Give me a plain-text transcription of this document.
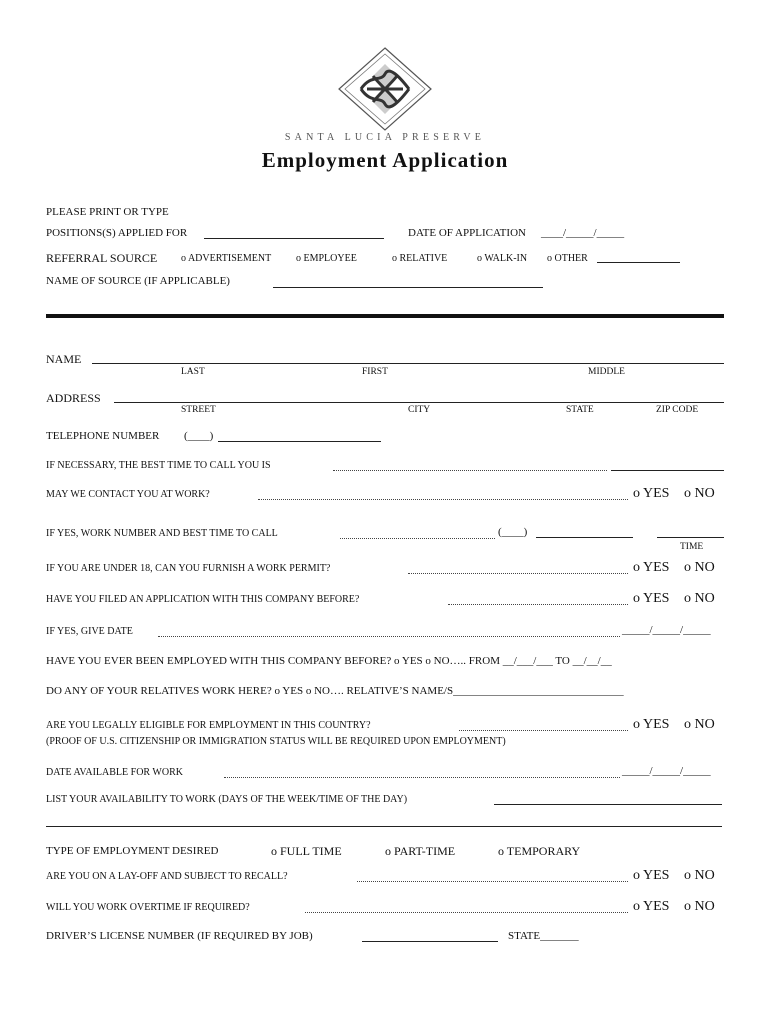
SANTA LUCIA PRESERVE
Employment Application
PLEASE PRINT OR TYPE
POSITIONS(S) APPLIED FOR	DATE OF APPLICATION ____/_____/_____
REFERRAL SOURCE o ADVERTISEMENT o EMPLOYEE	o RELATIVE	o WALK-IN o OTHER
NAME OF SOURCE (IF APPLICABLE)
NAME
LAST	FIRST	MIDDLE
ADDRESS
STREET	CITY	STATE	ZIP CODE
TELEPHONE NUMBER (____)
IF NECESSARY, THE BEST TIME TO CALL YOU IS
MAY WE CONTACT YOU AT WORK?	o YES o NO
IF YES, WORK NUMBER AND BEST TIME TO CALL	(____)
TIME
IF YOU ARE UNDER 18, CAN YOU FURNISH A WORK PERMIT?	o YES o NO
HAVE YOU FILED AN APPLICATION WITH THIS COMPANY BEFORE?	o YES o NO
IF YES, GIVE DATE	_____/_____/_____
HAVE YOU EVER BEEN EMPLOYED WITH THIS COMPANY BEFORE? o YES o NO….. FROM __/___/___ TO __/__/__
DO ANY OF YOUR RELATIVES WORK HERE? o YES o NO…. RELATIVE’S NAME/S_______________________________
ARE YOU LEGALLY ELIGIBLE FOR EMPLOYMENT IN THIS COUNTRY?	o YES o NO
(PROOF OF U.S. CITIZENSHIP OR IMMIGRATION STATUS WILL BE REQUIRED UPON EMPLOYMENT)
DATE AVAILABLE FOR WORK	_____/_____/_____
LIST YOUR AVAILABILITY TO WORK (DAYS OF THE WEEK/TIME OF THE DAY)
TYPE OF EMPLOYMENT DESIRED	o FULL TIME	o PART-TIME	o TEMPORARY
ARE YOU ON A LAY-OFF AND SUBJECT TO RECALL?	o YES o NO
WILL YOU WORK OVERTIME IF REQUIRED?	o YES o NO
DRIVER’S LICENSE NUMBER (IF REQUIRED BY JOB)	STATE_______
